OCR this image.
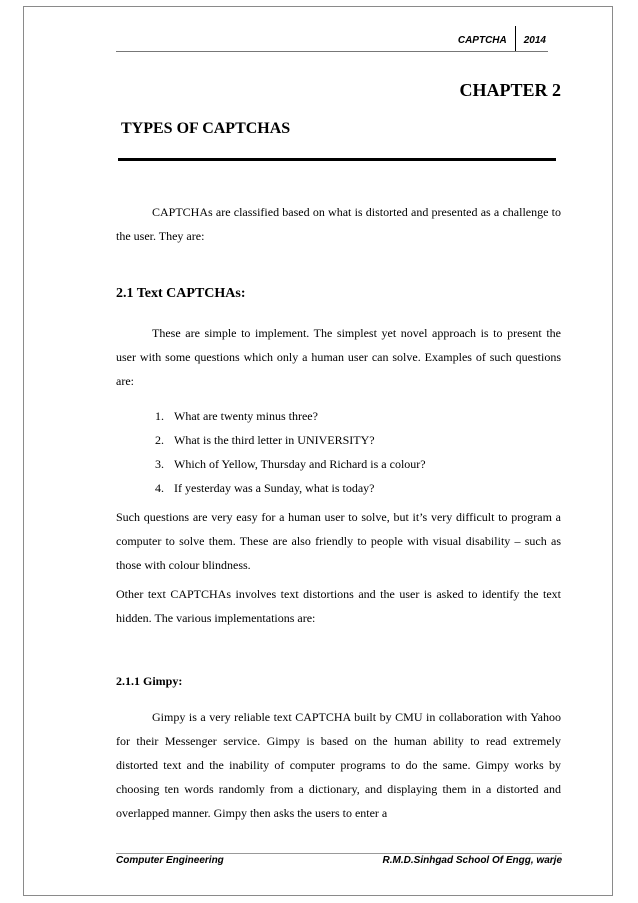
CAPTCHA	2014
CHAPTER 2
TYPES OF CAPTCHAS

CAPTCHAs are classified based on what is distorted and presented as a challenge to the user. They are:

2.1 Text CAPTCHAs:

These are simple to implement. The simplest yet novel approach is to present the user with some questions which only a human user can solve. Examples of such questions are:

1. What are twenty minus three?
2. What is the third letter in UNIVERSITY?
3. Which of Yellow, Thursday and Richard is a colour?
4. If yesterday was a Sunday, what is today?

Such questions are very easy for a human user to solve, but it’s very difficult to program a computer to solve them. These are also friendly to people with visual disability – such as those with colour blindness.

Other text CAPTCHAs involves text distortions and the user is asked to identify the text hidden. The various implementations are:

2.1.1 Gimpy:

Gimpy is a very reliable text CAPTCHA built by CMU in collaboration with Yahoo for their Messenger service. Gimpy is based on the human ability to read extremely distorted text and the inability of computer programs to do the same. Gimpy works by choosing ten words randomly from a dictionary, and displaying them in a distorted and overlapped manner. Gimpy then asks the users to enter a

Computer Engineering	R.M.D.Sinhgad School Of Engg, warje
